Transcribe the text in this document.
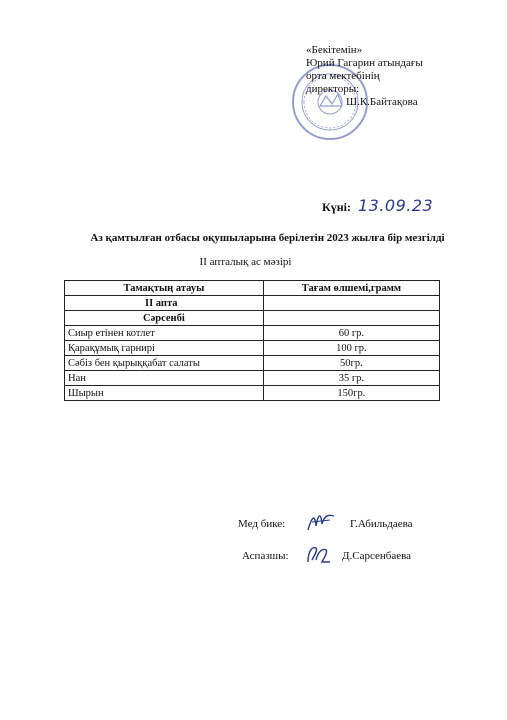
«Бекітемін»
Юрий Гагарин атындағы
орта мектебінің
директоры:
Ш.К.Байтақова
Күні: 13.09.23
Аз қамтылған отбасы оқушыларына берілетін 2023 жылға бір мезгілді
II апталық ас мәзірі
Тамақтың атауы	Тағам өлшемі,грамм
II апта	
Сәрсенбі	
Сиыр етінен котлет	60 гр.
Қарақұмық гарнирі	100 гр.
Сәбіз бен қырыққабат салаты	50гр.
Нан	35 гр.
Шырын	150гр.
Мед бике:	Г.Абильдаева
Аспазшы:	Д.Сарсенбаева
